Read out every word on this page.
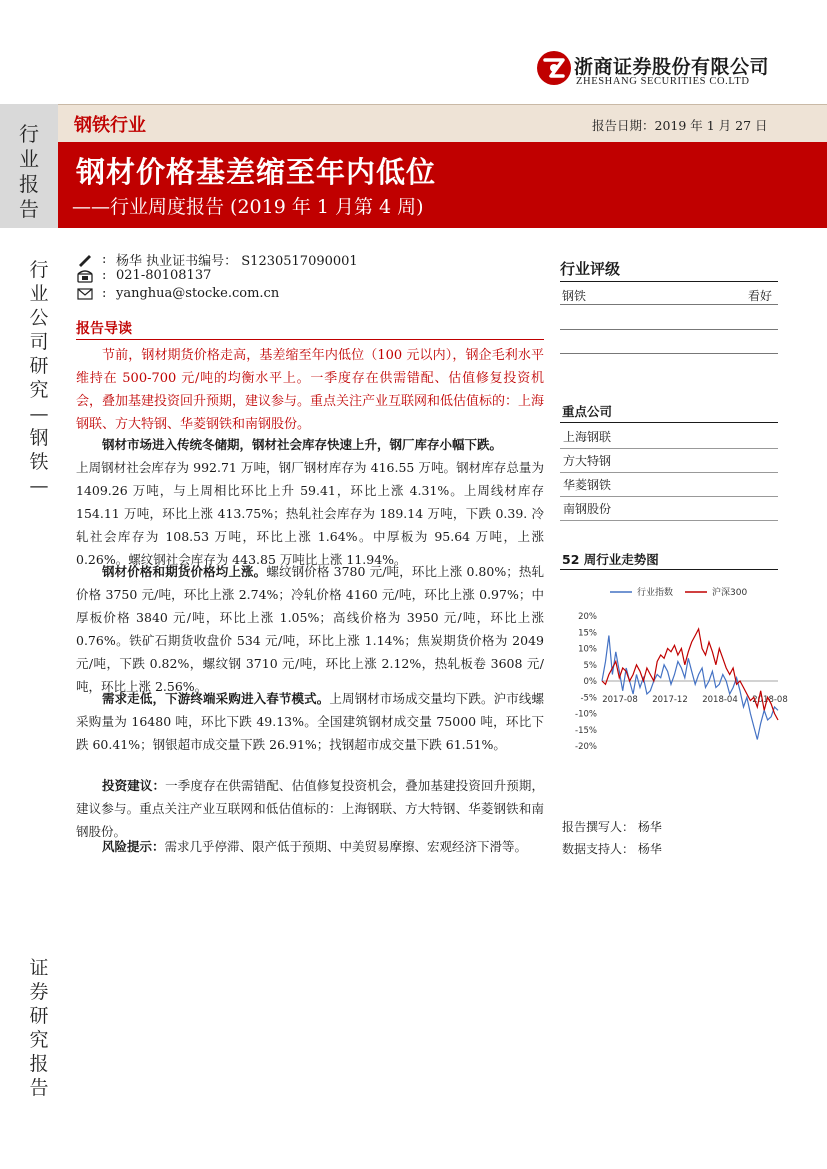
浙商证券股份有限公司
ZHESHANG SECURITIES CO.LTD
行业报告
钢铁行业	报告日期：2019 年 1 月 27 日
钢材价格基差缩至年内低位
——行业周度报告 (2019 年 1 月第 4 周)
行业公司研究—钢铁—
证券研究报告
: 杨华 执业证书编号： S1230517090001
: 021-80108137
: yanghua@stocke.com.cn
报告导读
节前，钢材期货价格走高，基差缩至年内低位（100 元以内），钢企毛利水平维持在 500-700 元/吨的均衡水平上。一季度存在供需错配、估值修复投资机会，叠加基建投资回升预期，建议参与。重点关注产业互联网和低估值标的：上海钢联、方大特钢、华菱钢铁和南钢股份。
钢材市场进入传统冬储期，钢材社会库存快速上升，钢厂库存小幅下跌。
上周钢材社会库存为 992.71 万吨，钢厂钢材库存为 416.55 万吨。钢材库存总量为 1409.26 万吨，与上周相比环比上升 59.41，环比上涨 4.31%。上周线材库存 154.11 万吨，环比上涨 413.75%；热轧社会库存为 189.14 万吨，下跌 0.39. 冷轧社会库存为 108.53 万吨，环比上涨 1.64%。中厚板为 95.64 万吨，上涨 0.26%。螺纹钢社会库存为 443.85 万吨比上涨 11.94%。
钢材价格和期货价格均上涨。螺纹钢价格 3780 元/吨，环比上涨 0.80%；热轧价格 3750 元/吨，环比上涨 2.74%；冷轧价格 4160 元/吨，环比上涨 0.97%；中厚板价格 3840 元/吨，环比上涨 1.05%；高线价格为 3950 元/吨，环比上涨 0.76%。铁矿石期货收盘价 534 元/吨，环比上涨 1.14%；焦炭期货价格为 2049 元/吨，下跌 0.82%，螺纹钢 3710 元/吨，环比上涨 2.12%，热轧板卷 3608 元/吨，环比上涨 2.56%。
需求走低，下游终端采购进入春节模式。上周钢材市场成交量均下跌。沪市线螺采购量为 16480 吨，环比下跌 49.13%。全国建筑钢材成交量 75000 吨，环比下跌 60.41%；钢银超市成交量下跌 26.91%；找钢超市成交量下跌 61.51%。
投资建议：一季度存在供需错配、估值修复投资机会，叠加基建投资回升预期，建议参与。重点关注产业互联网和低估值标的：上海钢联、方大特钢、华菱钢铁和南钢股份。
风险提示：需求几乎停滞、限产低于预期、中美贸易摩擦、宏观经济下滑等。
行业评级
钢铁	看好
重点公司
上海钢联
方大特钢
华菱钢铁
南钢股份
52 周行业走势图
行业指数	沪深300
20%
15%
10%
5%
0%
-5%
-10%
-15%
-20%
2017-08 2017-12 2018-04 2018-08
报告撰写人： 杨华
数据支持人： 杨华
